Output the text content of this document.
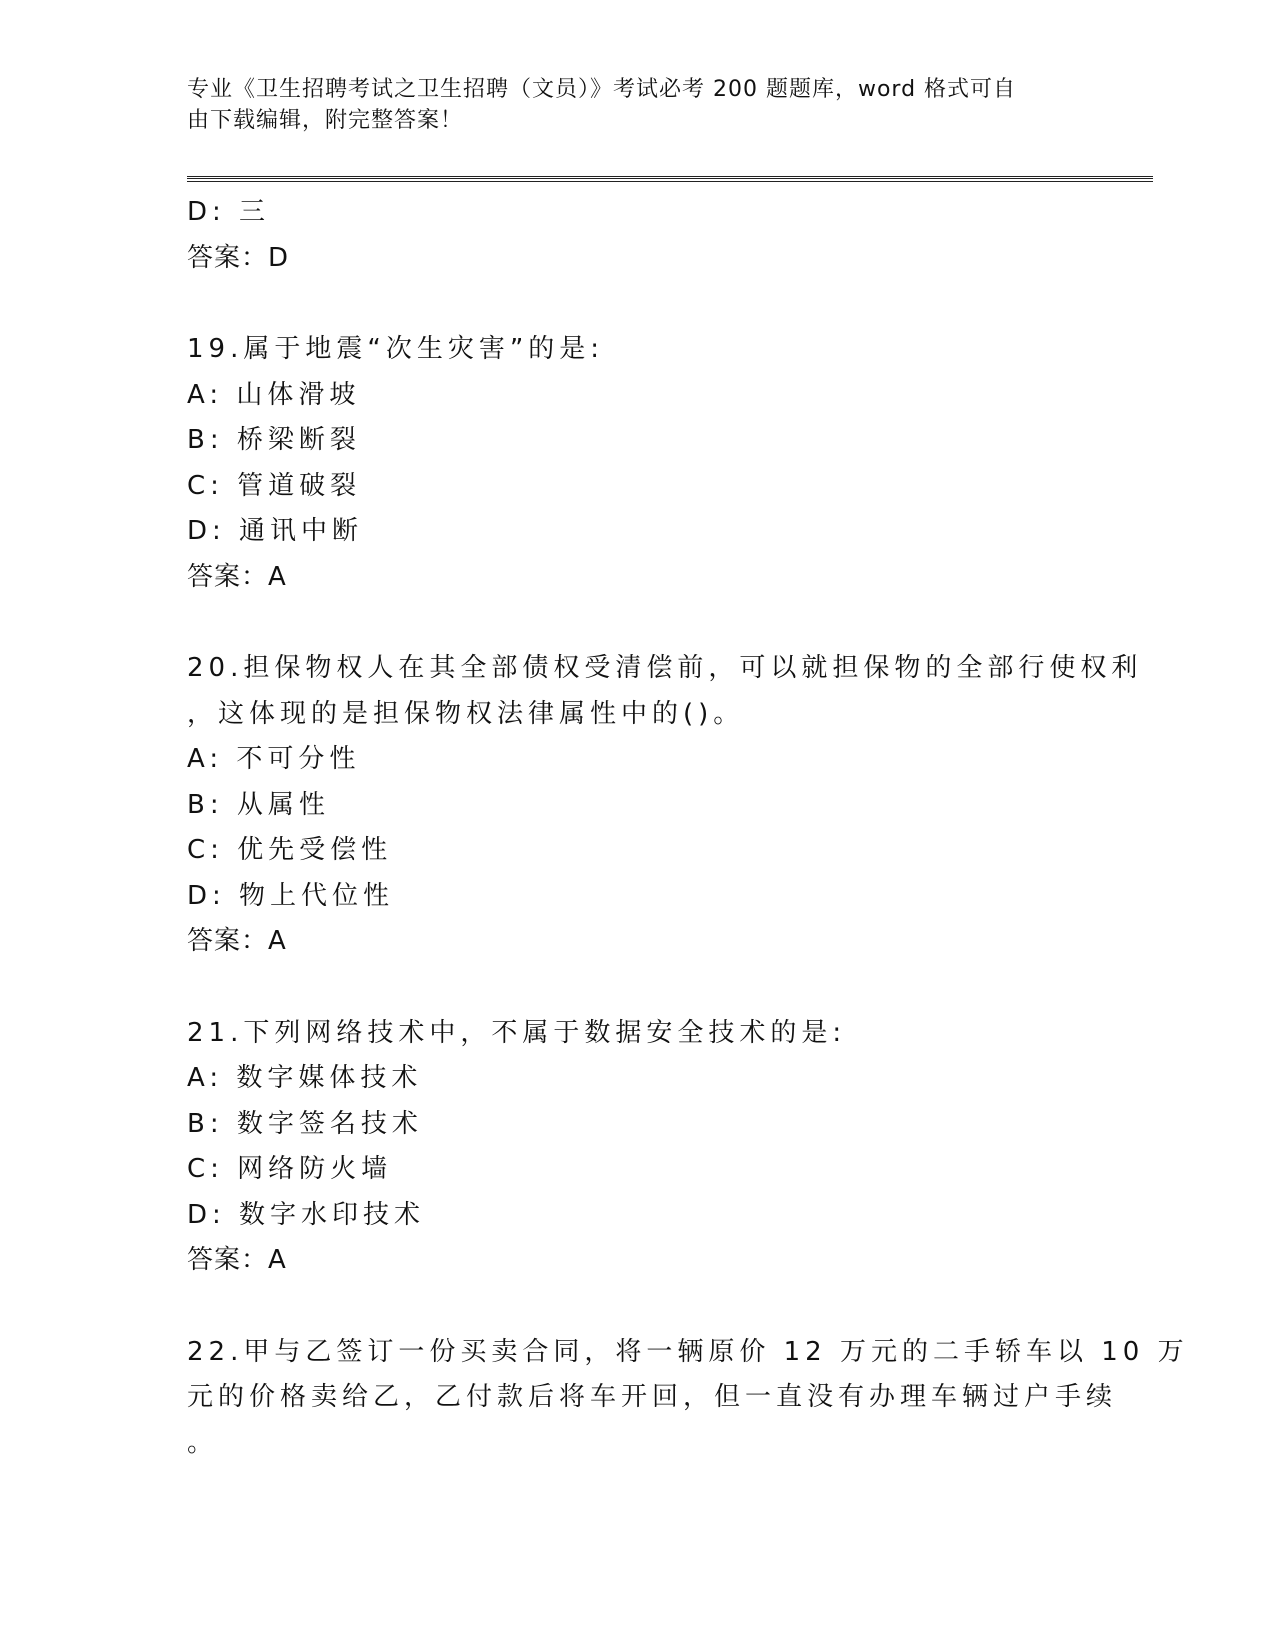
专业《卫生招聘考试之卫生招聘（文员）》考试必考 200 题题库，word 格式可自
由下载编辑，附完整答案！
D: 三
答案：D
19.属于地震“次生灾害”的是:
A: 山体滑坡
B: 桥梁断裂
C: 管道破裂
D: 通讯中断
答案：A
20.担保物权人在其全部债权受清偿前，可以就担保物的全部行使权利
，这体现的是担保物权法律属性中的()。
A: 不可分性
B: 从属性
C: 优先受偿性
D: 物上代位性
答案：A
21.下列网络技术中，不属于数据安全技术的是:
A: 数字媒体技术
B: 数字签名技术
C: 网络防火墙
D: 数字水印技术
答案：A
22.甲与乙签订一份买卖合同，将一辆原价 12 万元的二手轿车以 10 万
元的价格卖给乙，乙付款后将车开回，但一直没有办理车辆过户手续
。
